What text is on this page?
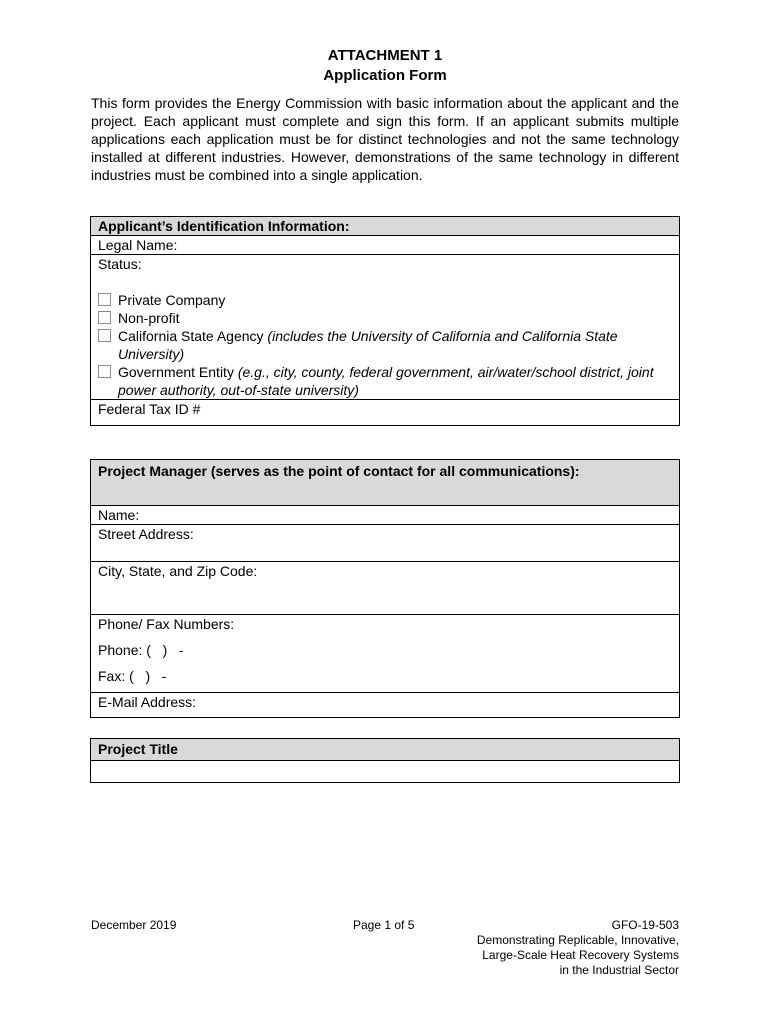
ATTACHMENT 1
Application Form
This form provides the Energy Commission with basic information about the applicant and the project. Each applicant must complete and sign this form. If an applicant submits multiple applications each application must be for distinct technologies and not the same technology installed at different industries. However, demonstrations of the same technology in different industries must be combined into a single application.
Applicant’s Identification Information:
Legal Name:

Status:
Private Company
Non-profit
California State Agency (includes the University of California and California State University)
Government Entity (e.g., city, county, federal government, air/water/school district, joint power authority, out-of-state university)

Federal Tax ID #
Project Manager (serves as the point of contact for all communications):
Name:
Street Address:
City, State, and Zip Code:

Phone/ Fax Numbers:
Phone: (   )   -
Fax: (   )   -

E-Mail Address:
Project Title

December 2019	Page 1 of 5	GFO-19-503
Demonstrating Replicable, Innovative,
Large-Scale Heat Recovery Systems
in the Industrial Sector
